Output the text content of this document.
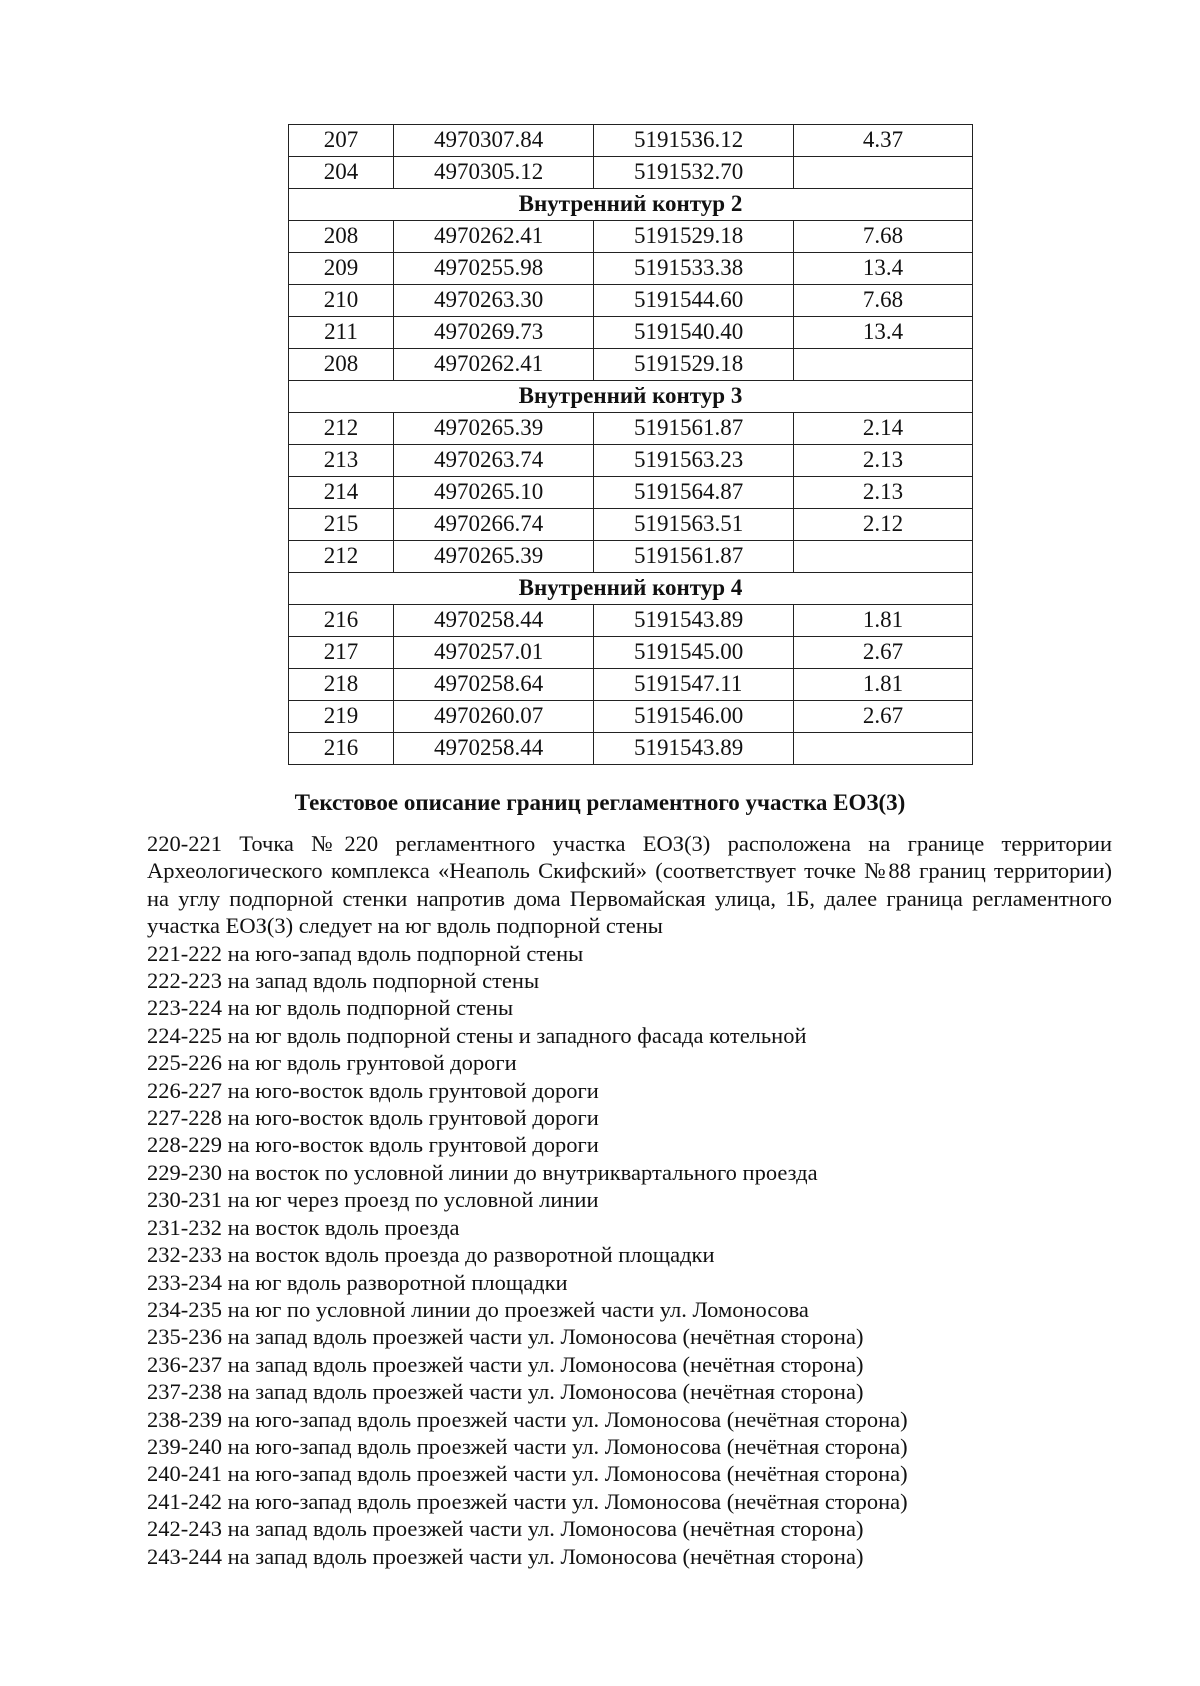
207	4970307.84	5191536.12	4.37
204	4970305.12	5191532.70	
Внутренний контур 2			
208	4970262.41	5191529.18	7.68
209	4970255.98	5191533.38	13.4
210	4970263.30	5191544.60	7.68
211	4970269.73	5191540.40	13.4
208	4970262.41	5191529.18	
Внутренний контур 3			
212	4970265.39	5191561.87	2.14
213	4970263.74	5191563.23	2.13
214	4970265.10	5191564.87	2.13
215	4970266.74	5191563.51	2.12
212	4970265.39	5191561.87	
Внутренний контур 4			
216	4970258.44	5191543.89	1.81
217	4970257.01	5191545.00	2.67
218	4970258.64	5191547.11	1.81
219	4970260.07	5191546.00	2.67
216	4970258.44	5191543.89	
Текстовое описание границ регламентного участка ЕОЗ(3)

220-221 Точка №220 регламентного участка ЕОЗ(3) расположена на границе территории Археологического комплекса «Неаполь Скифский» (соответствует точке №88 границ территории) на углу подпорной стенки напротив дома Первомайская улица, 1Б, далее граница регламентного участка ЕОЗ(3) следует на юг вдоль подпорной стены

221-222 на юго-запад вдоль подпорной стены

222-223 на запад вдоль подпорной стены

223-224 на юг вдоль подпорной стены

224-225 на юг вдоль подпорной стены и западного фасада котельной

225-226 на юг вдоль грунтовой дороги

226-227 на юго-восток вдоль грунтовой дороги

227-228 на юго-восток вдоль грунтовой дороги

228-229 на юго-восток вдоль грунтовой дороги

229-230 на восток по условной линии до внутриквартального проезда

230-231 на юг через проезд по условной линии

231-232 на восток вдоль проезда

232-233 на восток вдоль проезда до разворотной площадки

233-234 на юг вдоль разворотной площадки

234-235 на юг по условной линии до проезжей части ул. Ломоносова

235-236 на запад вдоль проезжей части ул. Ломоносова (нечётная сторона)

236-237 на запад вдоль проезжей части ул. Ломоносова (нечётная сторона)

237-238 на запад вдоль проезжей части ул. Ломоносова (нечётная сторона)

238-239 на юго-запад вдоль проезжей части ул. Ломоносова (нечётная сторона)

239-240 на юго-запад вдоль проезжей части ул. Ломоносова (нечётная сторона)

240-241 на юго-запад вдоль проезжей части ул. Ломоносова (нечётная сторона)

241-242 на юго-запад вдоль проезжей части ул. Ломоносова (нечётная сторона)

242-243 на запад вдоль проезжей части ул. Ломоносова (нечётная сторона)

243-244 на запад вдоль проезжей части ул. Ломоносова (нечётная сторона)
